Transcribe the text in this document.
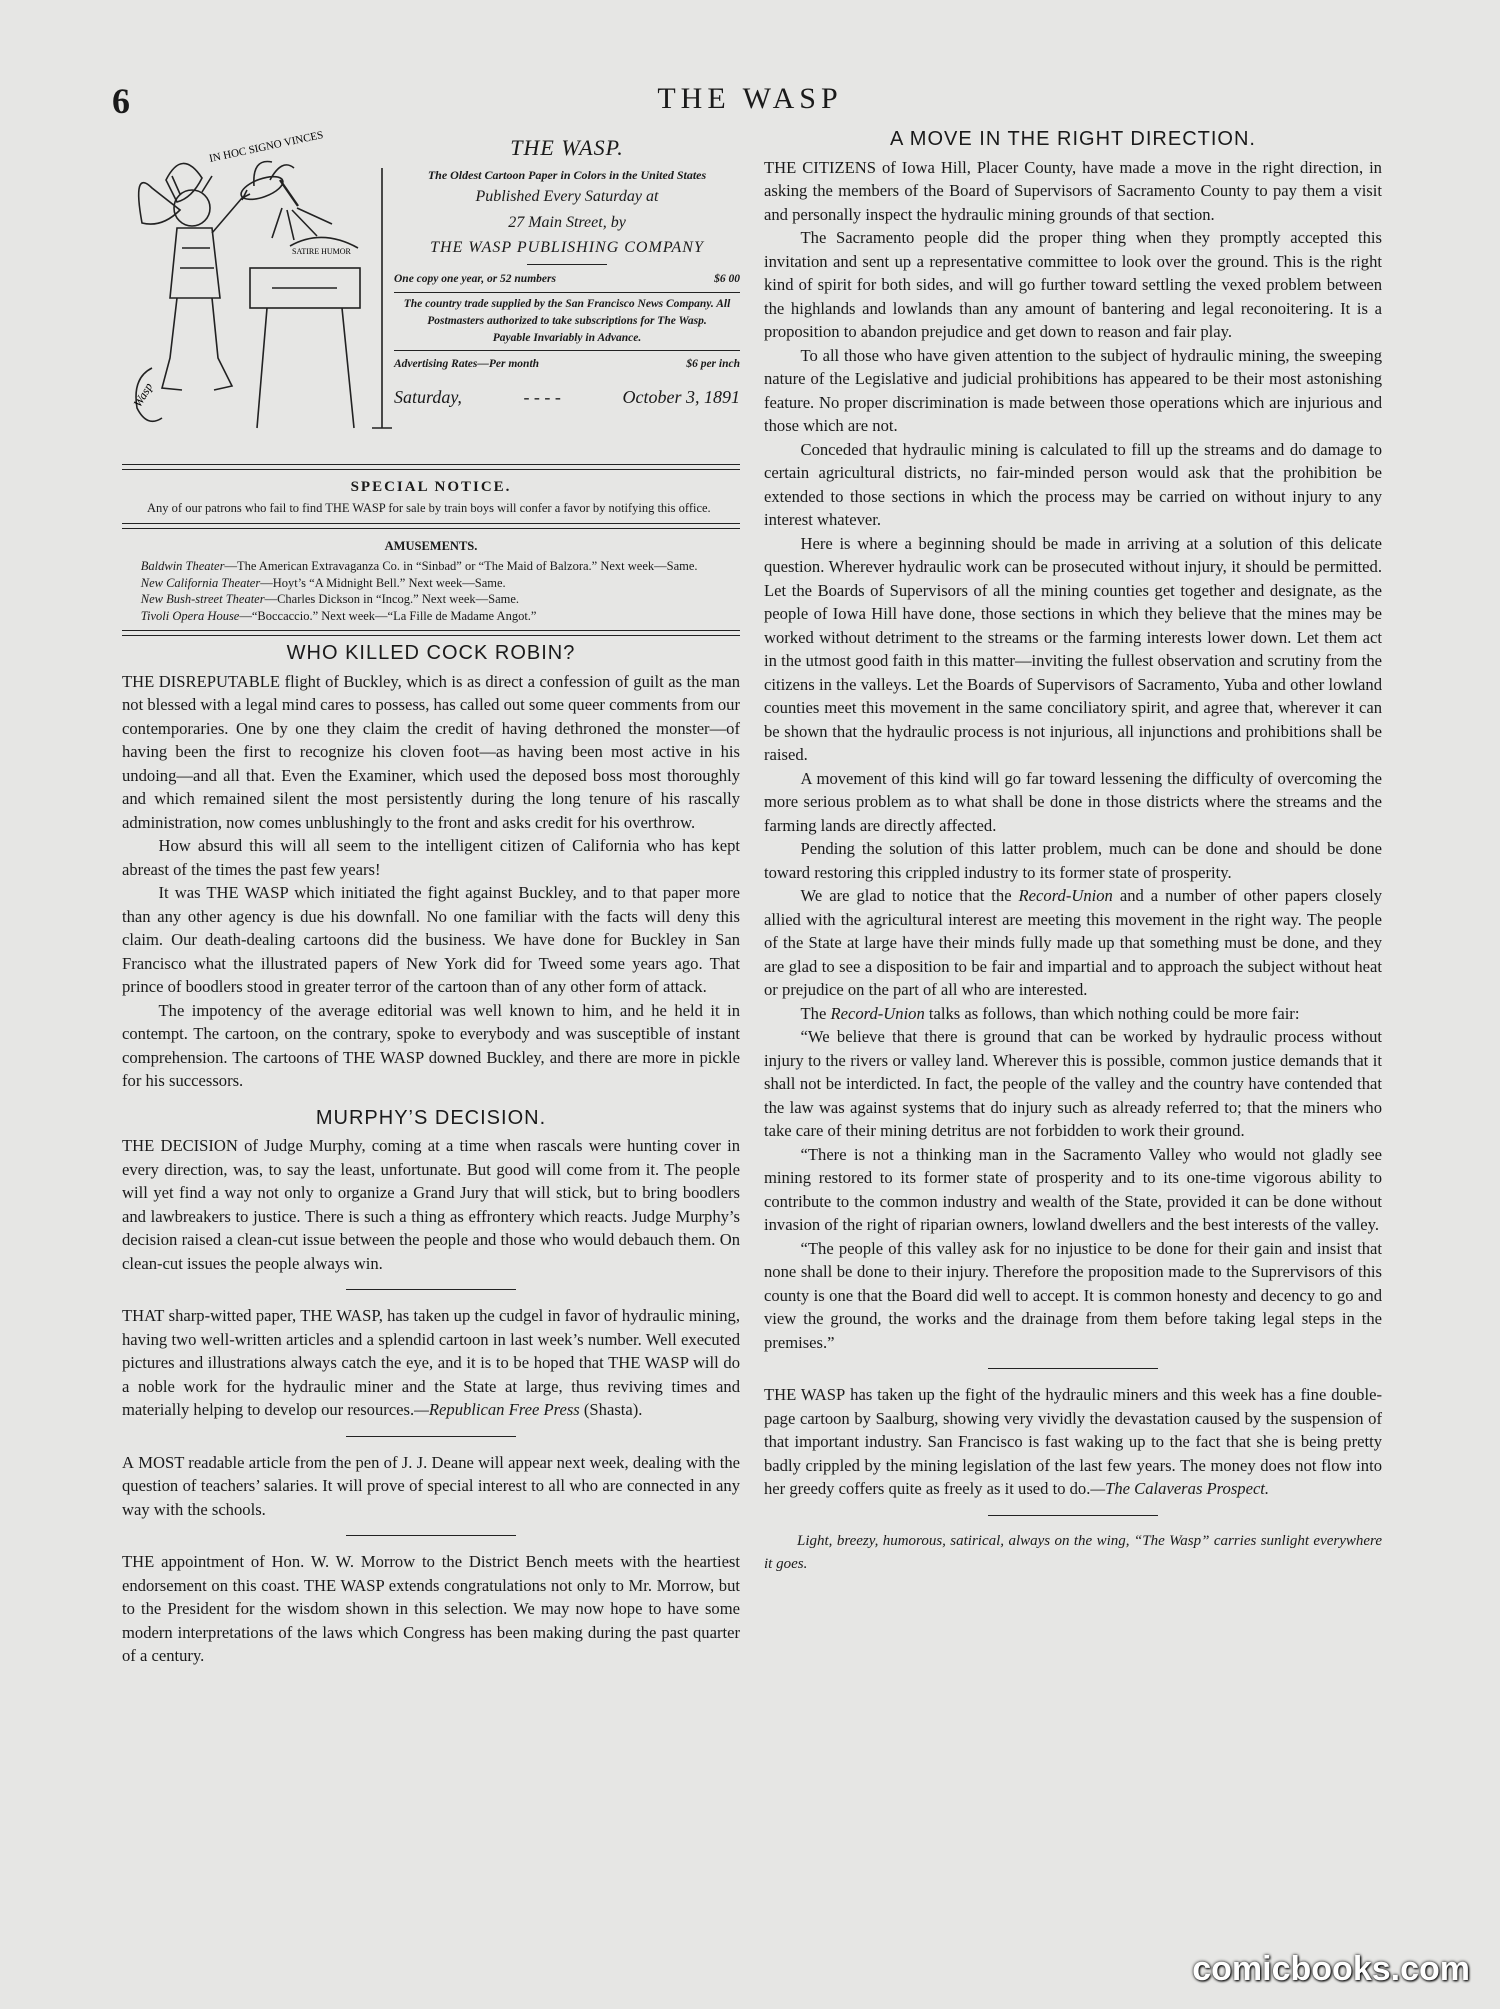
6	THE WASP
IN HOC SIGNO VINCES
Wasp
SATIRE HUMOR
THE WASP.
The Oldest Cartoon Paper in Colors in the United States
Published Every Saturday at
27 Main Street, by
THE WASP PUBLISHING COMPANY
One copy one year, or 52 numbers	$6 00
The country trade supplied by the San Francisco News Company. All Postmasters authorized to take subscriptions for The Wasp.
Payable Invariably in Advance.
Advertising Rates—Per month	$6 per inch
Saturday,	- - - -	October 3, 1891
SPECIAL NOTICE.
Any of our patrons who fail to find THE WASP for sale by train boys will confer a favor by notifying this office.
AMUSEMENTS.
Baldwin Theater—The American Extravaganza Co. in “Sinbad” or “The Maid of Balzora.” Next week—Same.
New California Theater—Hoyt’s “A Midnight Bell.” Next week—Same.
New Bush-street Theater—Charles Dickson in “Incog.” Next week—Same.
Tivoli Opera House—“Boccaccio.” Next week—“La Fille de Madame Angot.”
WHO KILLED COCK ROBIN?

THE DISREPUTABLE flight of Buckley, which is as direct a confession of guilt as the man not blessed with a legal mind cares to possess, has called out some queer comments from our contemporaries. One by one they claim the credit of having dethroned the monster—of having been the first to recognize his cloven foot—as having been most active in his undoing—and all that. Even the Examiner, which used the deposed boss most thoroughly and which remained silent the most persistently during the long tenure of his rascally administration, now comes unblushingly to the front and asks credit for his overthrow.

How absurd this will all seem to the intelligent citizen of California who has kept abreast of the times the past few years!

It was THE WASP which initiated the fight against Buckley, and to that paper more than any other agency is due his downfall. No one familiar with the facts will deny this claim. Our death-dealing cartoons did the business. We have done for Buckley in San Francisco what the illustrated papers of New York did for Tweed some years ago. That prince of boodlers stood in greater terror of the cartoon than of any other form of attack.

The impotency of the average editorial was well known to him, and he held it in contempt. The cartoon, on the contrary, spoke to everybody and was susceptible of instant comprehension. The cartoons of THE WASP downed Buckley, and there are more in pickle for his successors.

MURPHY’S DECISION.

THE DECISION of Judge Murphy, coming at a time when rascals were hunting cover in every direction, was, to say the least, unfortunate. But good will come from it. The people will yet find a way not only to organize a Grand Jury that will stick, but to bring boodlers and lawbreakers to justice. There is such a thing as effrontery which reacts. Judge Murphy’s decision raised a clean-cut issue between the people and those who would debauch them. On clean-cut issues the people always win.

THAT sharp-witted paper, THE WASP, has taken up the cudgel in favor of hydraulic mining, having two well-written articles and a splendid cartoon in last week’s number. Well executed pictures and illustrations always catch the eye, and it is to be hoped that THE WASP will do a noble work for the hydraulic miner and the State at large, thus reviving times and materially helping to develop our resources.—Republican Free Press (Shasta).

A MOST readable article from the pen of J. J. Deane will appear next week, dealing with the question of teachers’ salaries. It will prove of special interest to all who are connected in any way with the schools.

THE appointment of Hon. W. W. Morrow to the District Bench meets with the heartiest endorsement on this coast. THE WASP extends congratulations not only to Mr. Morrow, but to the President for the wisdom shown in this selection. We may now hope to have some modern interpretations of the laws which Congress has been making during the past quarter of a century.

A MOVE IN THE RIGHT DIRECTION.

THE CITIZENS of Iowa Hill, Placer County, have made a move in the right direction, in asking the members of the Board of Supervisors of Sacramento County to pay them a visit and personally inspect the hydraulic mining grounds of that section.

The Sacramento people did the proper thing when they promptly accepted this invitation and sent up a representative committee to look over the ground. This is the right kind of spirit for both sides, and will go further toward settling the vexed problem between the highlands and lowlands than any amount of bantering and legal reconoitering. It is a proposition to abandon prejudice and get down to reason and fair play.

To all those who have given attention to the subject of hydraulic mining, the sweeping nature of the Legislative and judicial prohibitions has appeared to be their most astonishing feature. No proper discrimination is made between those operations which are injurious and those which are not.

Conceded that hydraulic mining is calculated to fill up the streams and do damage to certain agricultural districts, no fair-minded person would ask that the prohibition be extended to those sections in which the process may be carried on without injury to any interest whatever.

Here is where a beginning should be made in arriving at a solution of this delicate question. Wherever hydraulic work can be prosecuted without injury, it should be permitted. Let the Boards of Supervisors of all the mining counties get together and designate, as the people of Iowa Hill have done, those sections in which they believe that the mines may be worked without detriment to the streams or the farming interests lower down. Let them act in the utmost good faith in this matter—inviting the fullest observation and scrutiny from the citizens in the valleys. Let the Boards of Supervisors of Sacramento, Yuba and other lowland counties meet this movement in the same conciliatory spirit, and agree that, wherever it can be shown that the hydraulic process is not injurious, all injunctions and prohibitions shall be raised.

A movement of this kind will go far toward lessening the difficulty of overcoming the more serious problem as to what shall be done in those districts where the streams and the farming lands are directly affected.

Pending the solution of this latter problem, much can be done and should be done toward restoring this crippled industry to its former state of prosperity.

We are glad to notice that the Record-Union and a number of other papers closely allied with the agricultural interest are meeting this movement in the right way. The people of the State at large have their minds fully made up that something must be done, and they are glad to see a disposition to be fair and impartial and to approach the subject without heat or prejudice on the part of all who are interested.

The Record-Union talks as follows, than which nothing could be more fair:

“We believe that there is ground that can be worked by hydraulic process without injury to the rivers or valley land. Wherever this is possible, common justice demands that it shall not be interdicted. In fact, the people of the valley and the country have contended that the law was against systems that do injury such as already referred to; that the miners who take care of their mining detritus are not forbidden to work their ground.

“There is not a thinking man in the Sacramento Valley who would not gladly see mining restored to its former state of prosperity and to its one-time vigorous ability to contribute to the common industry and wealth of the State, provided it can be done without invasion of the right of riparian owners, lowland dwellers and the best interests of the valley.

“The people of this valley ask for no injustice to be done for their gain and insist that none shall be done to their injury. Therefore the proposition made to the Suprervisors of this county is one that the Board did well to accept. It is common honesty and decency to go and view the ground, the works and the drainage from them before taking legal steps in the premises.”

THE WASP has taken up the fight of the hydraulic miners and this week has a fine double-page cartoon by Saalburg, showing very vividly the devastation caused by the suspension of that important industry. San Francisco is fast waking up to the fact that she is being pretty badly crippled by the mining legislation of the last few years. The money does not flow into her greedy coffers quite as freely as it used to do.—The Calaveras Prospect.

Light, breezy, humorous, satirical, always on the wing, “The Wasp” carries sunlight everywhere it goes.

comicbooks.com
